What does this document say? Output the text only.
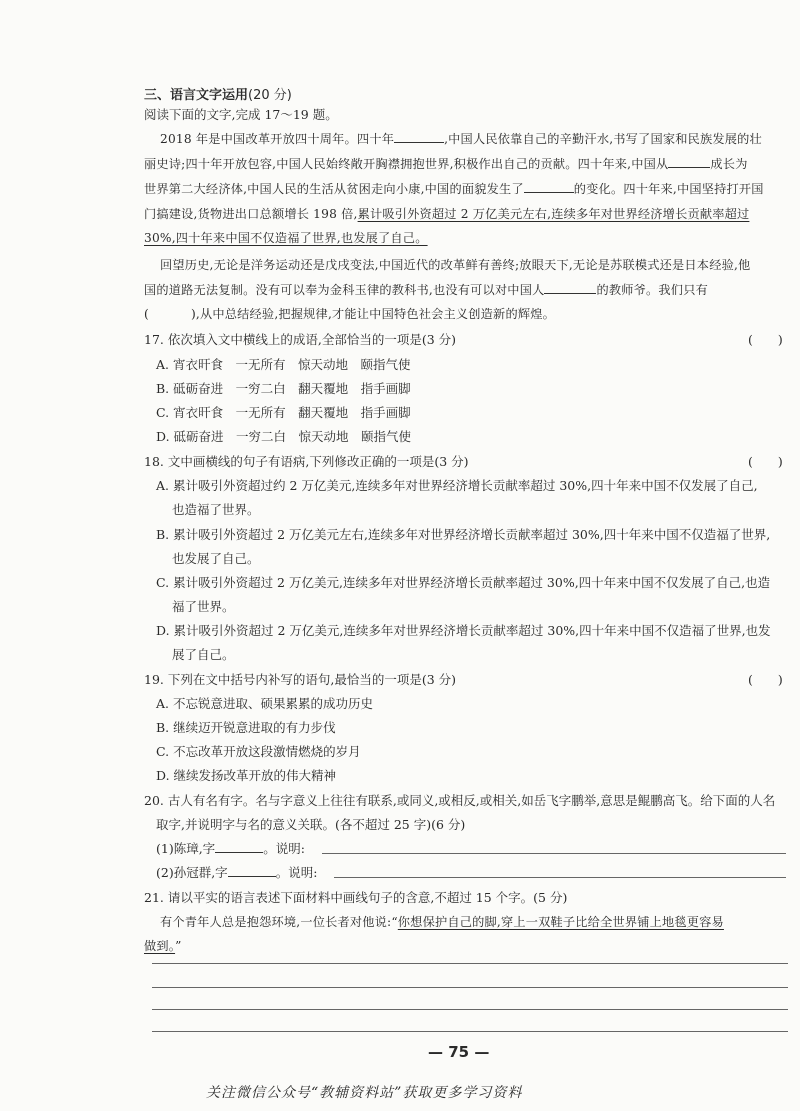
三、语言文字运用(20 分)
阅读下面的文字,完成 17～19 题。
2018 年是中国改革开放四十周年。四十年	,中国人民依靠自己的辛勤汗水,书写了国家和民族发展的壮
丽史诗;四十年开放包容,中国人民始终敞开胸襟拥抱世界,积极作出自己的贡献。四十年来,中国从	成长为
世界第二大经济体,中国人民的生活从贫困走向小康,中国的面貌发生了	的变化。四十年来,中国坚持打开国
门搞建设,货物进出口总额增长 198 倍,累计吸引外资超过 2 万亿美元左右,连续多年对世界经济增长贡献率超过
30%,四十年来中国不仅造福了世界,也发展了自己。
回望历史,无论是洋务运动还是戊戌变法,中国近代的改革鲜有善终;放眼天下,无论是苏联模式还是日本经验,他
国的道路无法复制。没有可以奉为金科玉律的教科书,也没有可以对中国人	的教师爷。我们只有
(	),从中总结经验,把握规律,才能让中国特色社会主义创造新的辉煌。
17. 依次填入文中横线上的成语,全部恰当的一项是(3 分)	(　　)
A. 宵衣旰食　一无所有　惊天动地　颐指气使
B. 砥砺奋进　一穷二白　翻天覆地　指手画脚
C. 宵衣旰食　一无所有　翻天覆地　指手画脚
D. 砥砺奋进　一穷二白　惊天动地　颐指气使
18. 文中画横线的句子有语病,下列修改正确的一项是(3 分)	(　　)
A. 累计吸引外资超过约 2 万亿美元,连续多年对世界经济增长贡献率超过 30%,四十年来中国不仅发展了自己,
也造福了世界。
B. 累计吸引外资超过 2 万亿美元左右,连续多年对世界经济增长贡献率超过 30%,四十年来中国不仅造福了世界,
也发展了自己。
C. 累计吸引外资超过 2 万亿美元,连续多年对世界经济增长贡献率超过 30%,四十年来中国不仅发展了自己,也造
福了世界。
D. 累计吸引外资超过 2 万亿美元,连续多年对世界经济增长贡献率超过 30%,四十年来中国不仅造福了世界,也发
展了自己。
19. 下列在文中括号内补写的语句,最恰当的一项是(3 分)	(　　)
A. 不忘锐意进取、硕果累累的成功历史
B. 继续迈开锐意进取的有力步伐
C. 不忘改革开放这段激情燃烧的岁月
D. 继续发扬改革开放的伟大精神
20. 古人有名有字。名与字意义上往往有联系,或同义,或相反,或相关,如岳飞字鹏举,意思是鲲鹏高飞。给下面的人名
取字,并说明字与名的意义关联。(各不超过 25 字)(6 分)
(1)陈璋,字	。说明:
(2)孙冠群,字	。说明:
21. 请以平实的语言表述下面材料中画线句子的含意,不超过 15 个字。(5 分)
有个青年人总是抱怨环境,一位长者对他说:“你想保护自己的脚,穿上一双鞋子比给全世界铺上地毯更容易
做到。”
— 75 —
关注微信公众号“教辅资料站”获取更多学习资料
